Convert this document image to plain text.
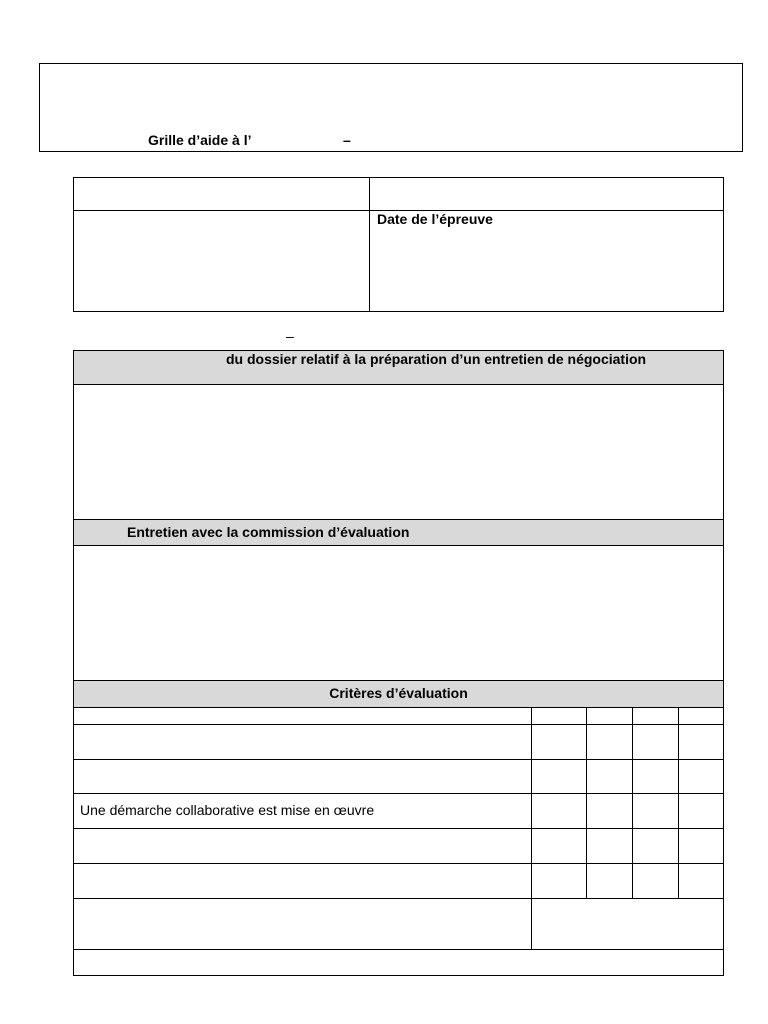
Grille d’aide à l’	–
Date de l’épreuve
–
du dossier relatif à la préparation d’un entretien de négociation
Entretien avec la commission d’évaluation
Critères d’évaluation
Une démarche collaborative est mise en œuvre
